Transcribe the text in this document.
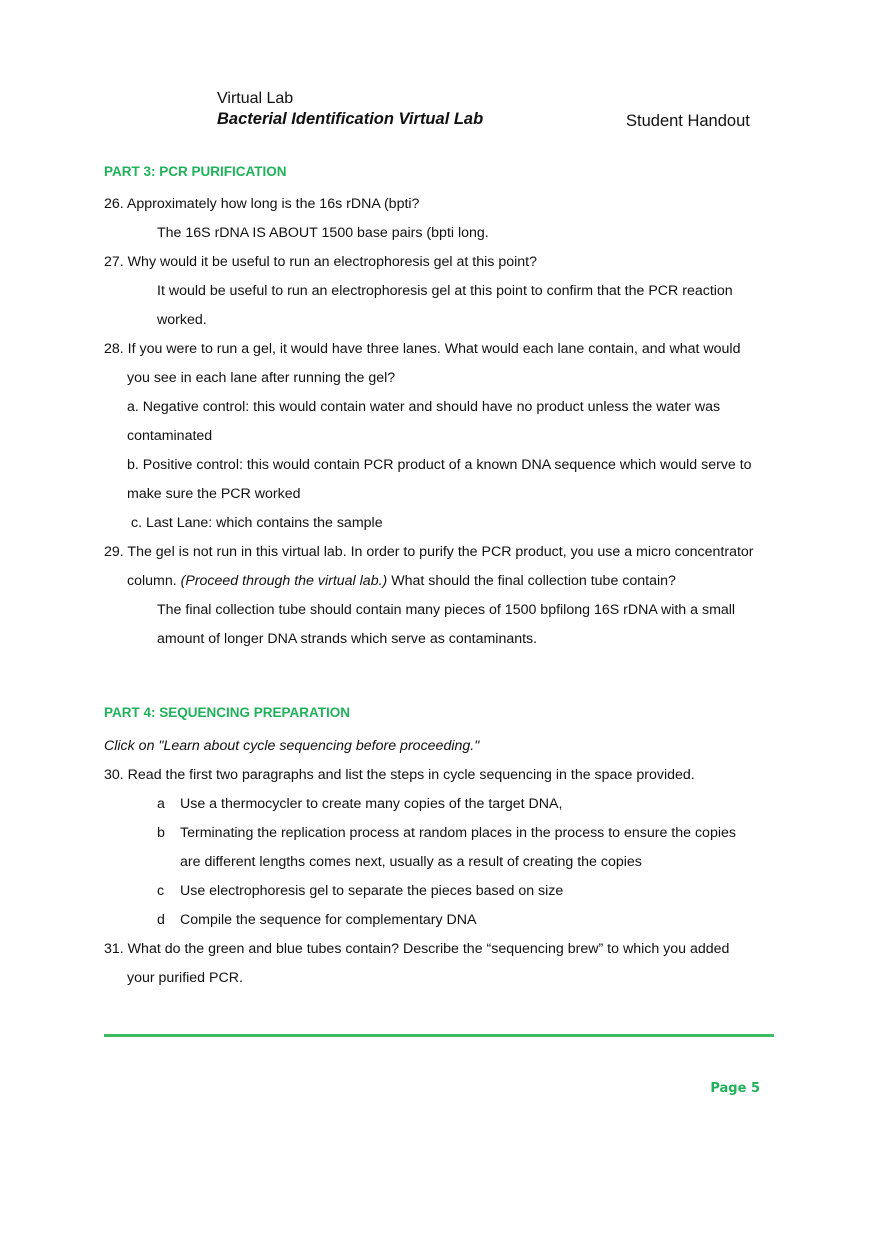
Virtual Lab
Bacterial Identification Virtual Lab	Student Handout
PART 3: PCR PURIFICATION
26. Approximately how long is the 16s rDNA (bpti?
The 16S rDNA IS ABOUT 1500 base pairs (bpti long.
27. Why would it be useful to run an electrophoresis gel at this point?
It would be useful to run an electrophoresis gel at this point to confirm that the PCR reaction
worked.
28. If you were to run a gel, it would have three lanes. What would each lane contain, and what would
you see in each lane after running the gel?
a. Negative control: this would contain water and should have no product unless the water was
contaminated
b. Positive control: this would contain PCR product of a known DNA sequence which would serve to
make sure the PCR worked
c. Last Lane: which contains the sample
29. The gel is not run in this virtual lab. In order to purify the PCR product, you use a micro concentrator
column. (Proceed through the virtual lab.) What should the final collection tube contain?
The final collection tube should contain many pieces of 1500 bpfilong 16S rDNA with a small
amount of longer DNA strands which serve as contaminants.
PART 4: SEQUENCING PREPARATION
Click on "Learn about cycle sequencing before proceeding."
30. Read the first two paragraphs and list the steps in cycle sequencing in the space provided.
a Use a thermocycler to create many copies of the target DNA,
b Terminating the replication process at random places in the process to ensure the copies
are different lengths comes next, usually as a result of creating the copies
c Use electrophoresis gel to separate the pieces based on size
d Compile the sequence for complementary DNA
31. What do the green and blue tubes contain? Describe the “sequencing brew” to which you added
your purified PCR.
Page 5
